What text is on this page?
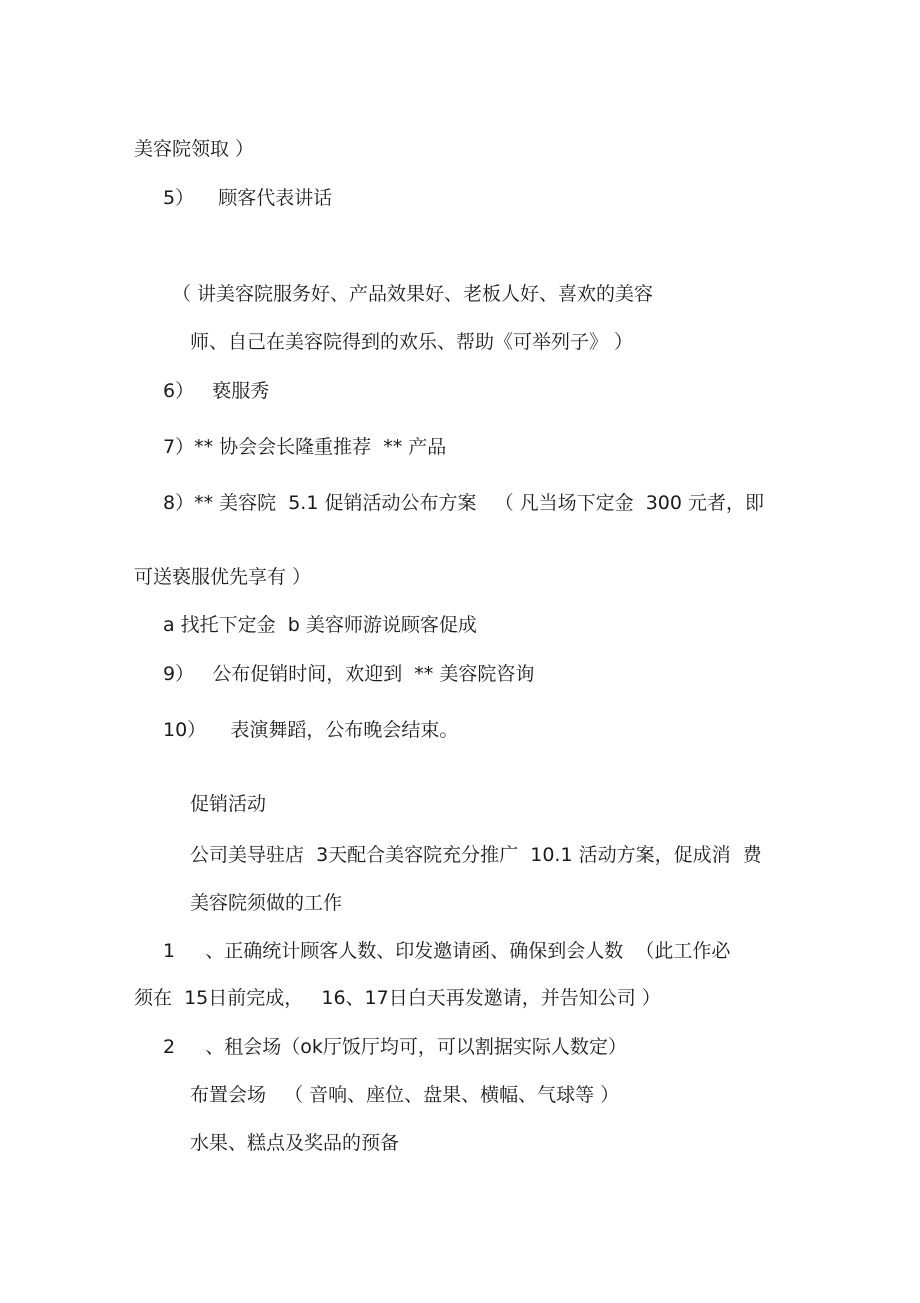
美容院领取 ）
5）    顾客代表讲话
（ 讲美容院服务好、产品效果好、老板人好、喜欢的美容
师、自己在美容院得到的欢乐、帮助《可举列子》 ）
6）   亵服秀
7）** 协会会长隆重推荐  ** 产品
8）** 美容院  5.1 促销活动公布方案   （ 凡当场下定金  300 元者，即
可送亵服优先享有 ）
a 找托下定金  b 美容师游说顾客促成
9）   公布促销时间，欢迎到  ** 美容院咨询
10）    表演舞蹈，公布晚会结束。
促销活动
公司美导驻店  3天配合美容院充分推广  10.1 活动方案，促成消  费
美容院须做的工作
1     、正确统计顾客人数、印发邀请函、确保到会人数  （此工作必
须在  15日前完成，   16、17日白天再发邀请，并告知公司 ）
2     、租会场（ok厅饭厅均可，可以割据实际人数定）
布置会场   （ 音响、座位、盘果、横幅、气球等 ）
水果、糕点及奖品的预备
